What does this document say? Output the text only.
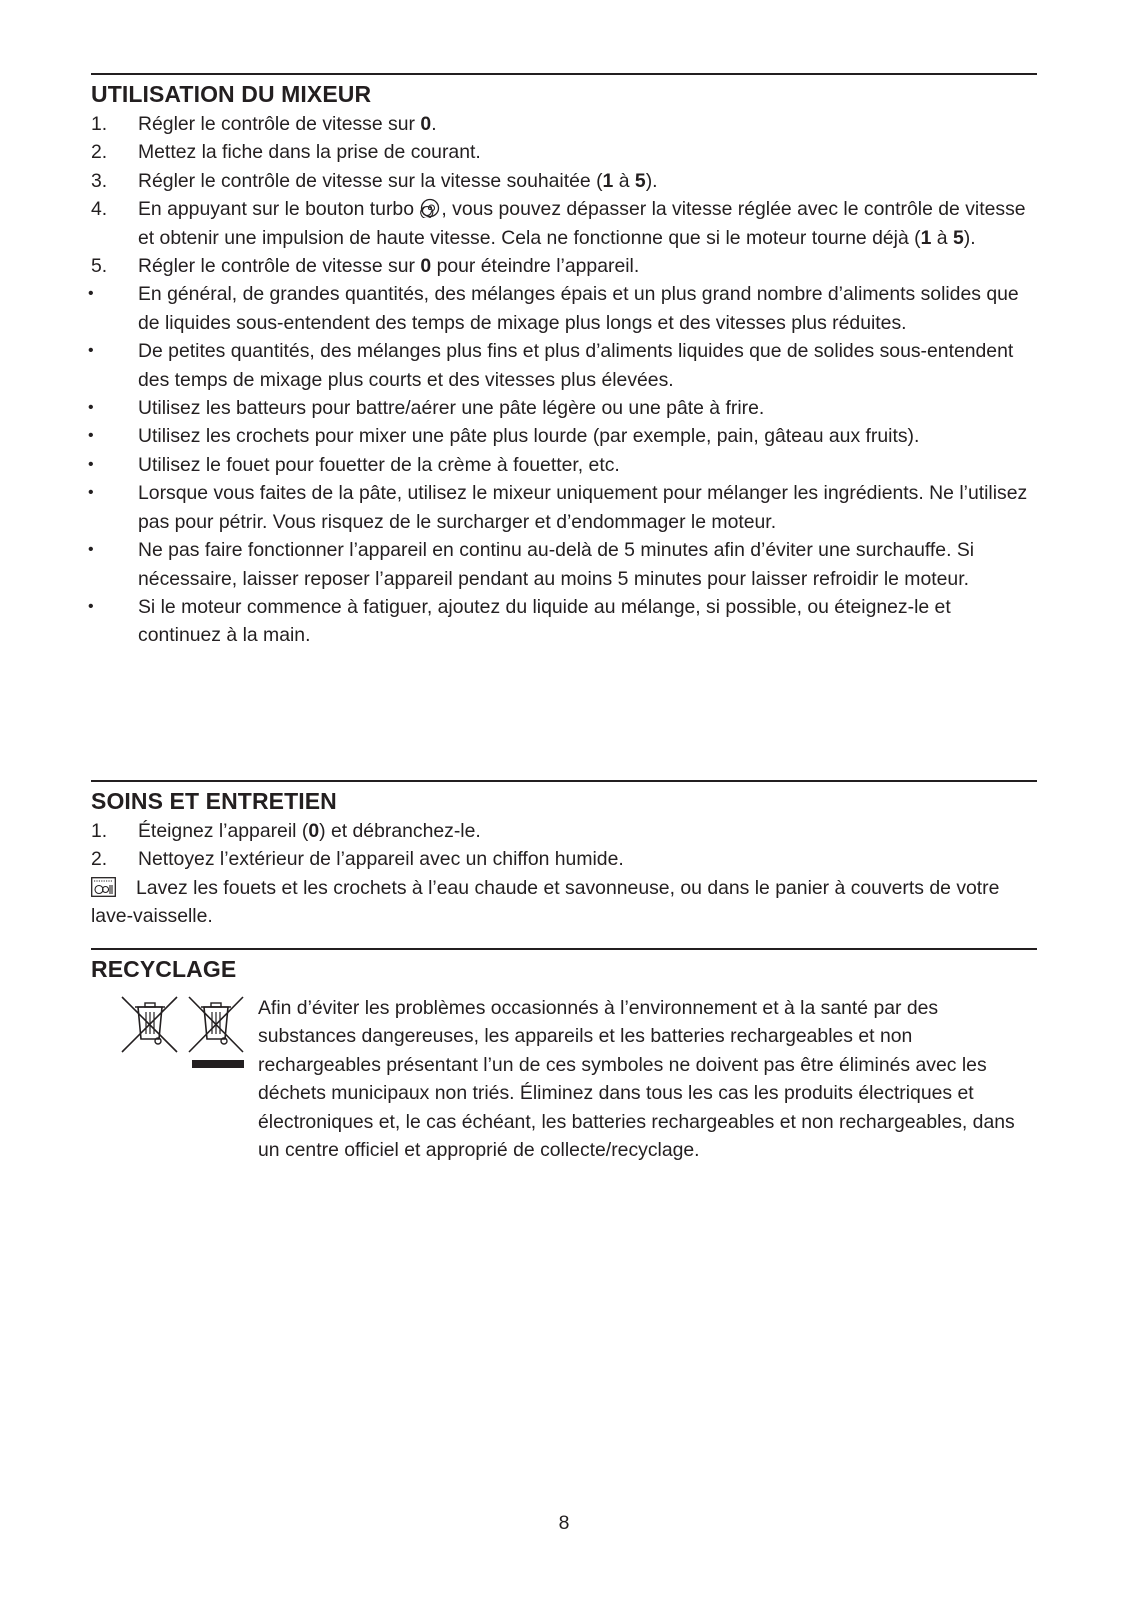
UTILISATION DU MIXEUR
1. Régler le contrôle de vitesse sur 0.
2. Mettez la fiche dans la prise de courant.
3. Régler le contrôle de vitesse sur la vitesse souhaitée (1 à 5).
4. En appuyant sur le bouton turbo , vous pouvez dépasser la vitesse réglée avec le contrôle de vitesse et obtenir une impulsion de haute vitesse. Cela ne fonctionne que si le moteur tourne déjà (1 à 5).
5. Régler le contrôle de vitesse sur 0 pour éteindre l’appareil.
• En général, de grandes quantités, des mélanges épais et un plus grand nombre d’aliments solides que de liquides sous-entendent des temps de mixage plus longs et des vitesses plus réduites.
• De petites quantités, des mélanges plus fins et plus d’aliments liquides que de solides sous-entendent des temps de mixage plus courts et des vitesses plus élevées.
• Utilisez les batteurs pour battre/aérer une pâte légère ou une pâte à frire.
• Utilisez les crochets pour mixer une pâte plus lourde (par exemple, pain, gâteau aux fruits).
• Utilisez le fouet pour fouetter de la crème à fouetter, etc.
• Lorsque vous faites de la pâte, utilisez le mixeur uniquement pour mélanger les ingrédients. Ne l’utilisez pas pour pétrir. Vous risquez de le surcharger et d’endommager le moteur.
• Ne pas faire fonctionner l’appareil en continu au-delà de 5 minutes afin d’éviter une surchauffe. Si nécessaire, laisser reposer l’appareil pendant au moins 5 minutes pour laisser refroidir le moteur.
• Si le moteur commence à fatiguer, ajoutez du liquide au mélange, si possible, ou éteignez-le et continuez à la main.
SOINS ET ENTRETIEN
1. Éteignez l’appareil (0) et débranchez-le.
2. Nettoyez l’extérieur de l’appareil avec un chiffon humide.
Lavez les fouets et les crochets à l’eau chaude et savonneuse, ou dans le panier à couverts de votre lave-vaisselle.
RECYCLAGE
Afin d’éviter les problèmes occasionnés à l’environnement et à la santé par des substances dangereuses, les appareils et les batteries rechargeables et non rechargeables présentant l’un de ces symboles ne doivent pas être éliminés avec les déchets municipaux non triés. Éliminez dans tous les cas les produits électriques et électroniques et, le cas échéant, les batteries rechargeables et non rechargeables, dans un centre officiel et approprié de collecte/recyclage.
8
